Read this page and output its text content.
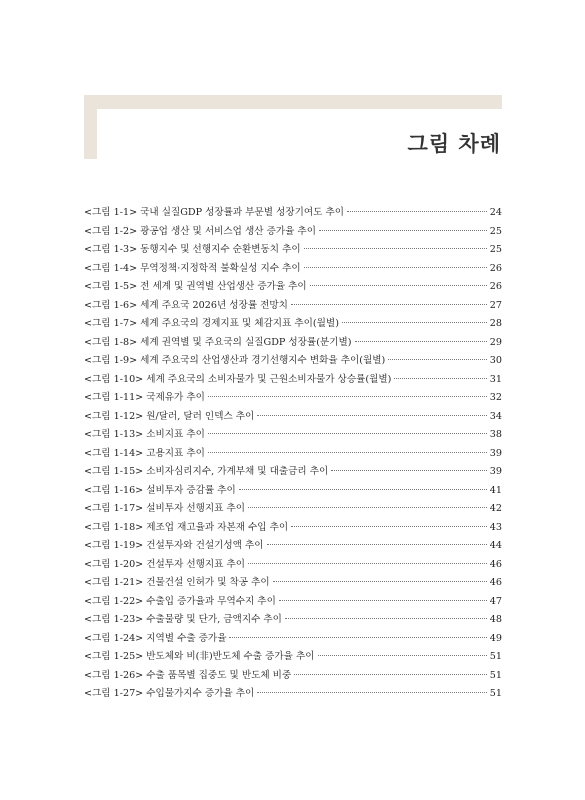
그림 차례
<그림 1-1> 국내 실질GDP 성장률과 부문별 성장기여도 추이	24
<그림 1-2> 광공업 생산 및 서비스업 생산 증가율 추이	25
<그림 1-3> 동행지수 및 선행지수 순환변동치 추이	25
<그림 1-4> 무역정책·지정학적 불확실성 지수 추이	26
<그림 1-5> 전 세계 및 권역별 산업생산 증가율 추이	26
<그림 1-6> 세계 주요국 2026년 성장률 전망치	27
<그림 1-7> 세계 주요국의 경제지표 및 체감지표 추이(월별)	28
<그림 1-8> 세계 권역별 및 주요국의 실질GDP 성장률(분기별)	29
<그림 1-9> 세계 주요국의 산업생산과 경기선행지수 변화율 추이(월별)	30
<그림 1-10> 세계 주요국의 소비자물가 및 근원소비자물가 상승률(월별)	31
<그림 1-11> 국제유가 추이	32
<그림 1-12> 원/달러, 달러 인덱스 추이	34
<그림 1-13> 소비지표 추이	38
<그림 1-14> 고용지표 추이	39
<그림 1-15> 소비자심리지수, 가계부채 및 대출금리 추이	39
<그림 1-16> 설비투자 증감률 추이	41
<그림 1-17> 설비투자 선행지표 추이	42
<그림 1-18> 제조업 재고율과 자본재 수입 추이	43
<그림 1-19> 건설투자와 건설기성액 추이	44
<그림 1-20> 건설투자 선행지표 추이	46
<그림 1-21> 건물건설 인허가 및 착공 추이	46
<그림 1-22> 수출입 증가율과 무역수지 추이	47
<그림 1-23> 수출물량 및 단가, 금액지수 추이	48
<그림 1-24> 지역별 수출 증가율	49
<그림 1-25> 반도체와 비(非)반도체 수출 증가율 추이	51
<그림 1-26> 수출 품목별 집중도 및 반도체 비중	51
<그림 1-27> 수입물가지수 증가율 추이	51
